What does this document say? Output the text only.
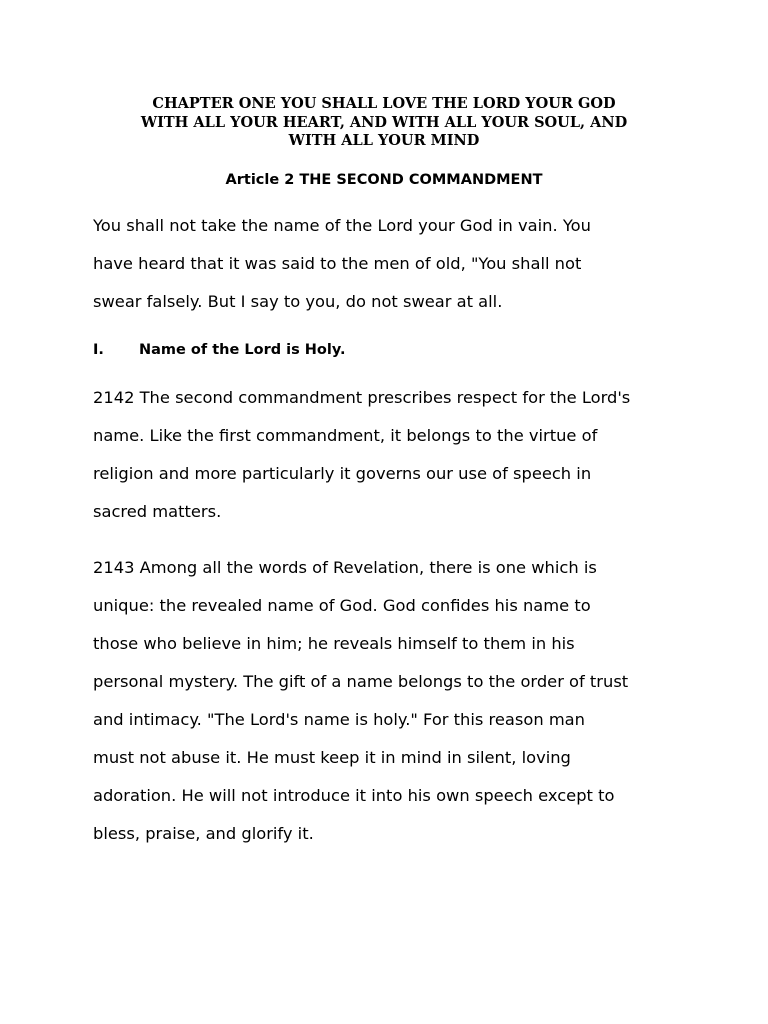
CHAPTER ONE YOU SHALL LOVE THE LORD YOUR GOD
WITH ALL YOUR HEART, AND WITH ALL YOUR SOUL, AND
WITH ALL YOUR MIND
Article 2 THE SECOND COMMANDMENT
You shall not take the name of the Lord your God in vain. You
have heard that it was said to the men of old, "You shall not
swear falsely. But I say to you, do not swear at all.
I. Name of the Lord is Holy.
2142 The second commandment prescribes respect for the Lord's
name. Like the first commandment, it belongs to the virtue of
religion and more particularly it governs our use of speech in
sacred matters.
2143 Among all the words of Revelation, there is one which is
unique: the revealed name of God. God confides his name to
those who believe in him; he reveals himself to them in his
personal mystery. The gift of a name belongs to the order of trust
and intimacy. "The Lord's name is holy." For this reason man
must not abuse it. He must keep it in mind in silent, loving
adoration. He will not introduce it into his own speech except to
bless, praise, and glorify it.
